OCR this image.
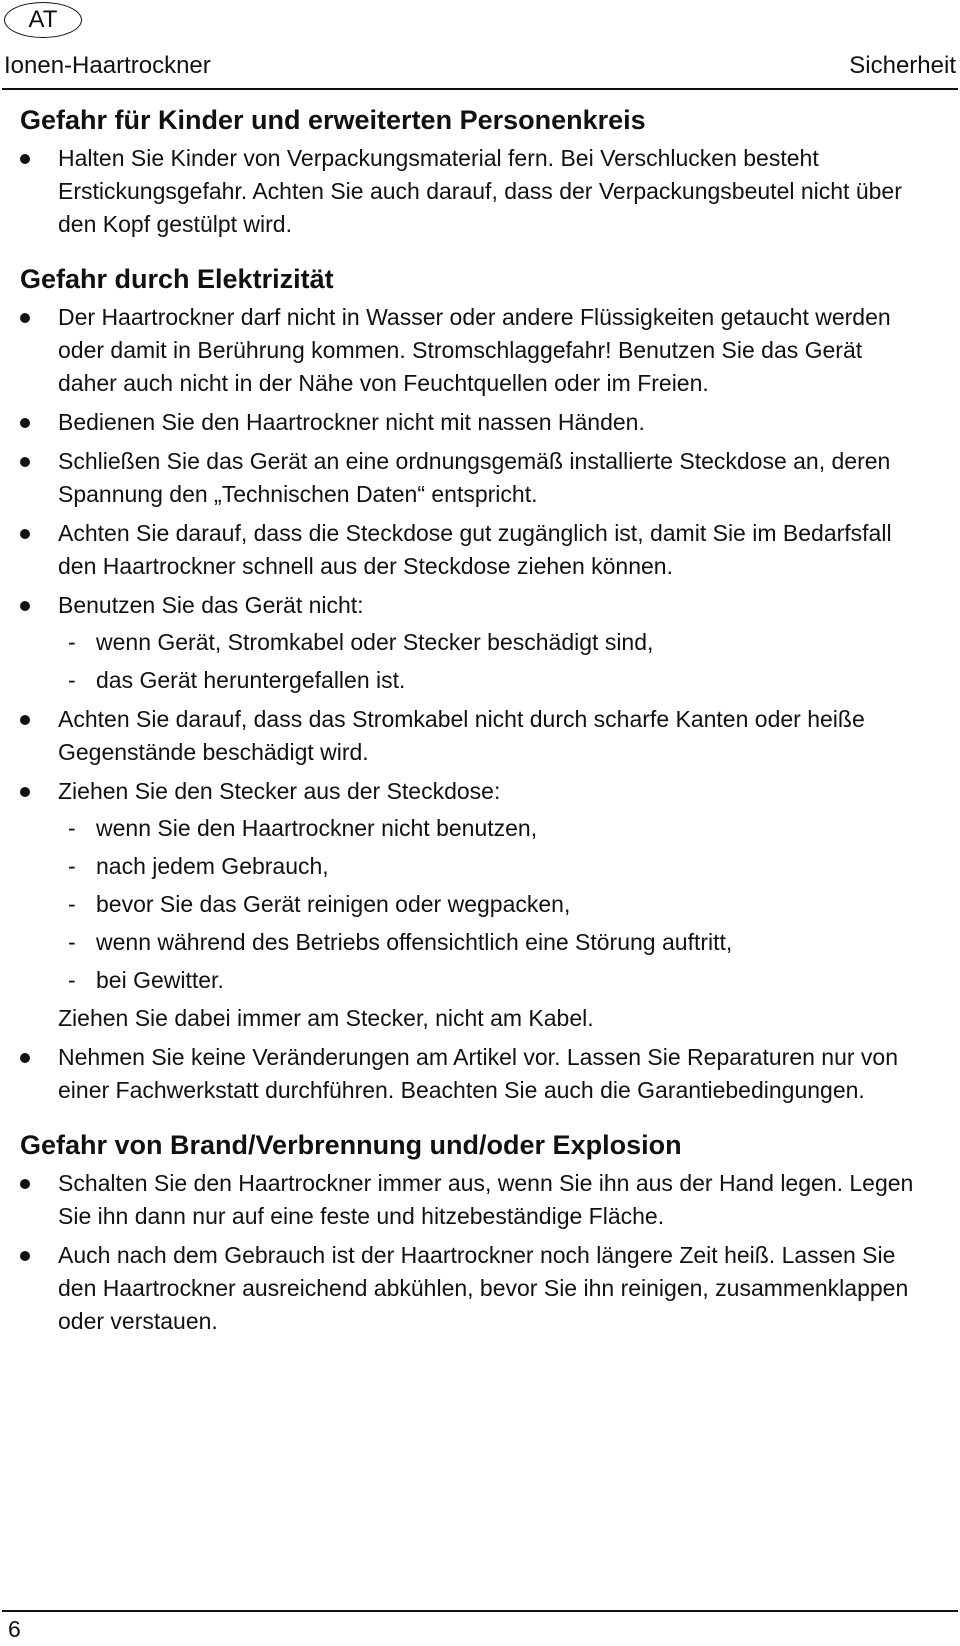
AT
Ionen-Haartrockner	Sicherheit
Gefahr für Kinder und erweiterten Personenkreis
Halten Sie Kinder von Verpackungsmaterial fern. Bei Verschlucken besteht Erstickungsgefahr. Achten Sie auch darauf, dass der Verpackungsbeutel nicht über den Kopf gestülpt wird.
Gefahr durch Elektrizität
Der Haartrockner darf nicht in Wasser oder andere Flüssigkeiten getaucht werden oder damit in Berührung kommen. Stromschlaggefahr! Benutzen Sie das Gerät daher auch nicht in der Nähe von Feuchtquellen oder im Freien.
Bedienen Sie den Haartrockner nicht mit nassen Händen.
Schließen Sie das Gerät an eine ordnungsgemäß installierte Steckdose an, deren Spannung den „Technischen Daten“ entspricht.
Achten Sie darauf, dass die Steckdose gut zugänglich ist, damit Sie im Bedarfsfall den Haartrockner schnell aus der Steckdose ziehen können.
Benutzen Sie das Gerät nicht:
- wenn Gerät, Stromkabel oder Stecker beschädigt sind,
- das Gerät heruntergefallen ist.
Achten Sie darauf, dass das Stromkabel nicht durch scharfe Kanten oder heiße Gegenstände beschädigt wird.
Ziehen Sie den Stecker aus der Steckdose:
- wenn Sie den Haartrockner nicht benutzen,
- nach jedem Gebrauch,
- bevor Sie das Gerät reinigen oder wegpacken,
- wenn während des Betriebs offensichtlich eine Störung auftritt,
- bei Gewitter.
Ziehen Sie dabei immer am Stecker, nicht am Kabel.
Nehmen Sie keine Veränderungen am Artikel vor. Lassen Sie Reparaturen nur von einer Fachwerkstatt durchführen. Beachten Sie auch die Garantiebedingungen.
Gefahr von Brand/Verbrennung und/oder Explosion
Schalten Sie den Haartrockner immer aus, wenn Sie ihn aus der Hand legen. Legen Sie ihn dann nur auf eine feste und hitzebeständige Fläche.
Auch nach dem Gebrauch ist der Haartrockner noch längere Zeit heiß. Lassen Sie den Haartrockner ausreichend abkühlen, bevor Sie ihn reinigen, zusammenklappen oder verstauen.
6
